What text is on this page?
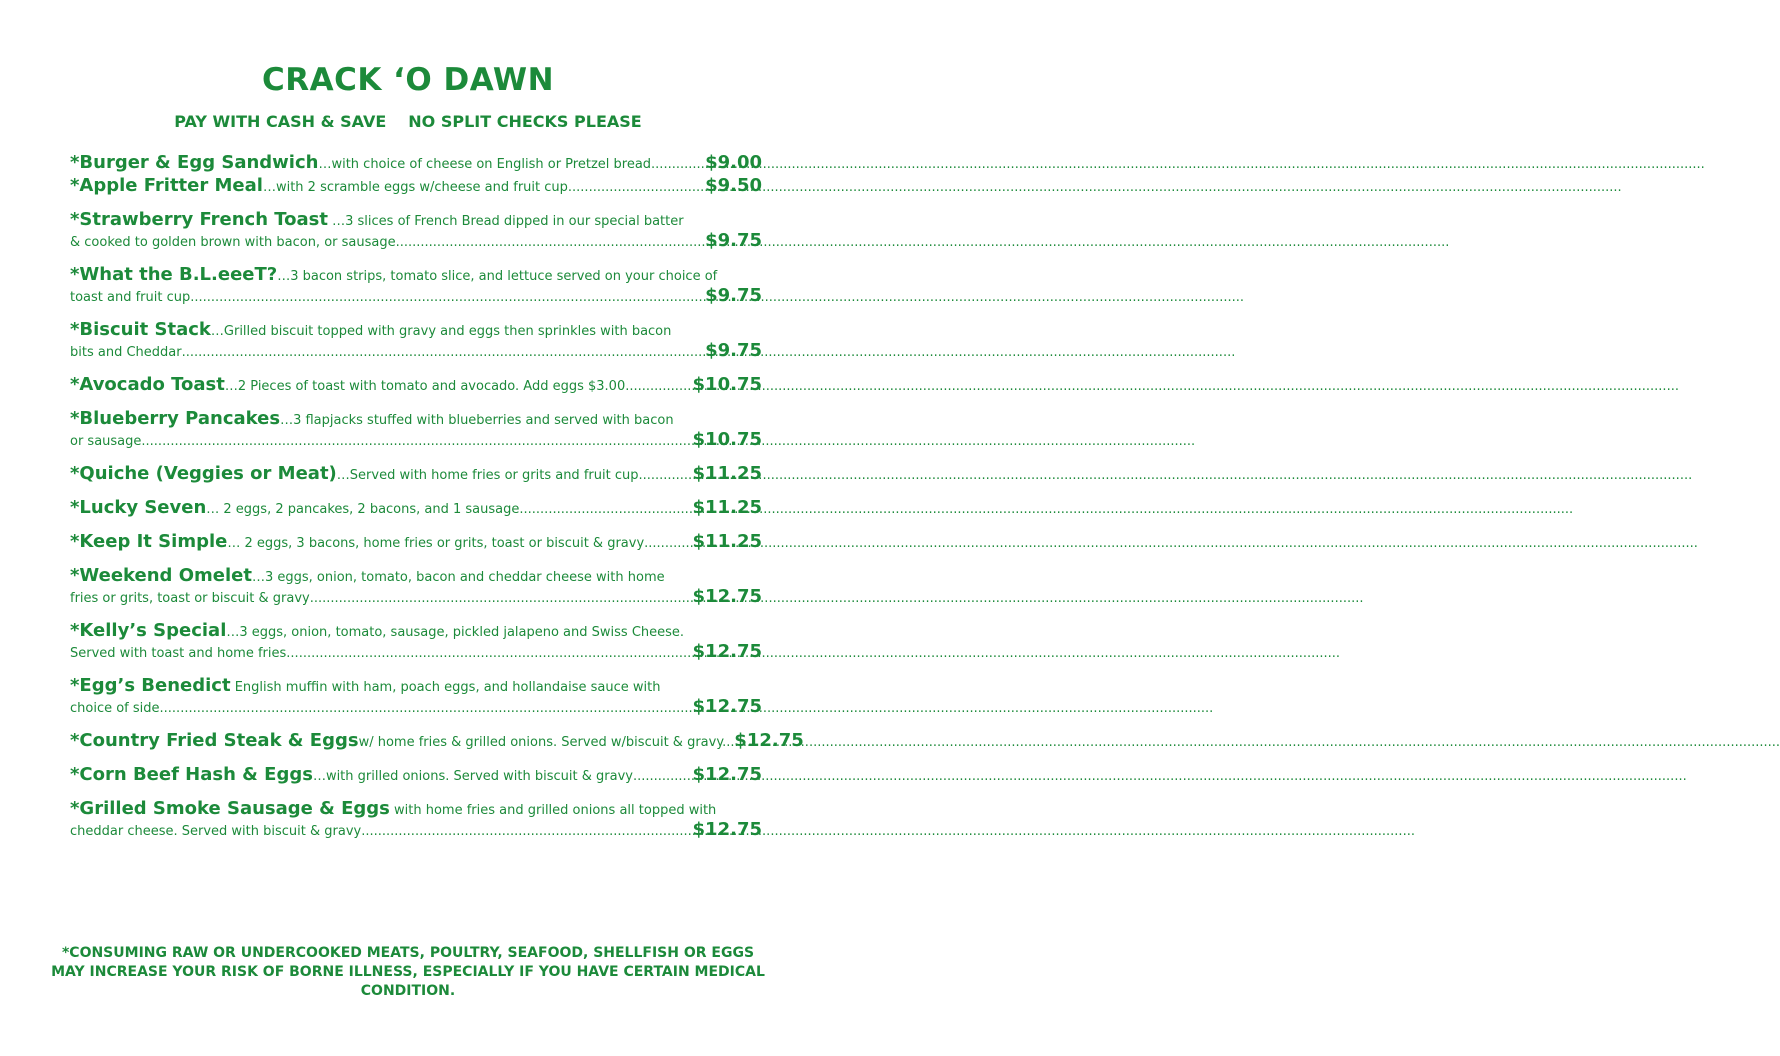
CRACK ‘O DAWN
PAY WITH CASH & SAVE NO SPLIT CHECKS PLEASE
*Burger & Egg Sandwich …with choice of cheese on English or Pretzel bread .....	$9.00
*Apple Fritter Meal …with 2 scramble eggs w/cheese and fruit cup .....	$9.50
*Strawberry French Toast …3 slices of French Bread dipped in our special batter
& cooked to golden brown with bacon, or sausage .....	$9.75
*What the B.L.eeeT?…3 bacon strips, tomato slice, and lettuce served on your choice of
toast and fruit cup .....	$9.75
*Biscuit Stack…Grilled biscuit topped with gravy and eggs then sprinkles with bacon
bits and Cheddar .....	$9.75
*Avocado Toast …2 Pieces of toast with tomato and avocado. Add eggs $3.00 .....	$10.75
*Blueberry Pancakes…3 flapjacks stuffed with blueberries and served with bacon
or sausage .....	$10.75
*Quiche (Veggies or Meat) …Served with home fries or grits and fruit cup .....	$11.25
*Lucky Seven … 2 eggs, 2 pancakes, 2 bacons, and 1 sausage .....	$11.25
*Keep It Simple … 2 eggs, 3 bacons, home fries or grits, toast or biscuit & gravy .....	$11.25
*Weekend Omelet…3 eggs, onion, tomato, bacon and cheddar cheese with home
fries or grits, toast or biscuit & gravy .....	$12.75
*Kelly’s Special…3 eggs, onion, tomato, sausage, pickled jalapeno and Swiss Cheese.
Served with toast and home fries .....	$12.75
*Egg’s Benedict English muffin with ham, poach eggs, and hollandaise sauce with
choice of side .....	$12.75
*Country Fried Steak & Eggs w/ home fries & grilled onions. Served w/biscuit & gravy. ..... $12.75
*Corn Beef Hash & Eggs …with grilled onions. Served with biscuit & gravy .....	$12.75
*Grilled Smoke Sausage & Eggs with home fries and grilled onions all topped with
cheddar cheese. Served with biscuit & gravy .....	$12.75
*CONSUMING RAW OR UNDERCOOKED MEATS, POULTRY, SEAFOOD, SHELLFISH OR EGGS MAY INCREASE YOUR RISK OF BORNE ILLNESS, ESPECIALLY IF YOU HAVE CERTAIN MEDICAL CONDITION.
